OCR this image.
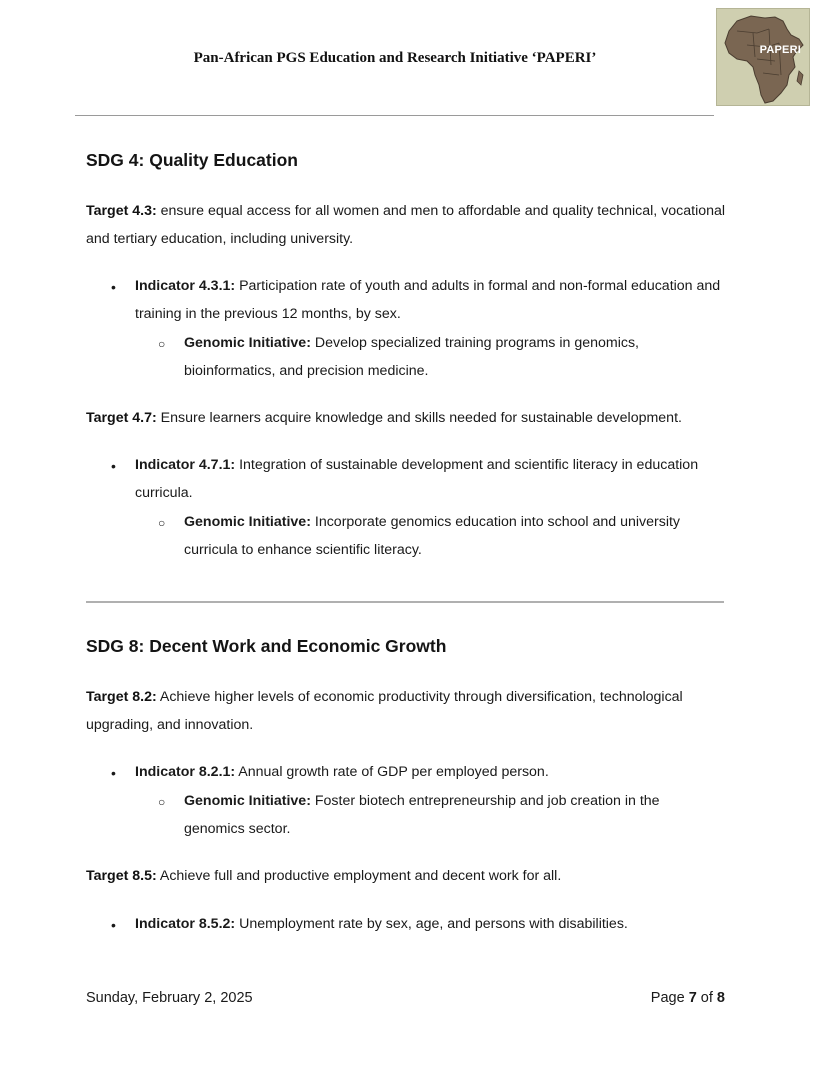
Pan-African PGS Education and Research Initiative ‘PAPERI’	PAPERI
SDG 4: Quality Education
Target 4.3: ensure equal access for all women and men to affordable and quality technical, vocational and tertiary education, including university.
• Indicator 4.3.1: Participation rate of youth and adults in formal and non-formal education and training in the previous 12 months, by sex.
○ Genomic Initiative: Develop specialized training programs in genomics, bioinformatics, and precision medicine.
Target 4.7: Ensure learners acquire knowledge and skills needed for sustainable development.
• Indicator 4.7.1: Integration of sustainable development and scientific literacy in education curricula.
○ Genomic Initiative: Incorporate genomics education into school and university curricula to enhance scientific literacy.
SDG 8: Decent Work and Economic Growth
Target 8.2: Achieve higher levels of economic productivity through diversification, technological upgrading, and innovation.
• Indicator 8.2.1: Annual growth rate of GDP per employed person.
○ Genomic Initiative: Foster biotech entrepreneurship and job creation in the genomics sector.
Target 8.5: Achieve full and productive employment and decent work for all.
• Indicator 8.5.2: Unemployment rate by sex, age, and persons with disabilities.
Sunday, February 2, 2025	Page 7 of 8
